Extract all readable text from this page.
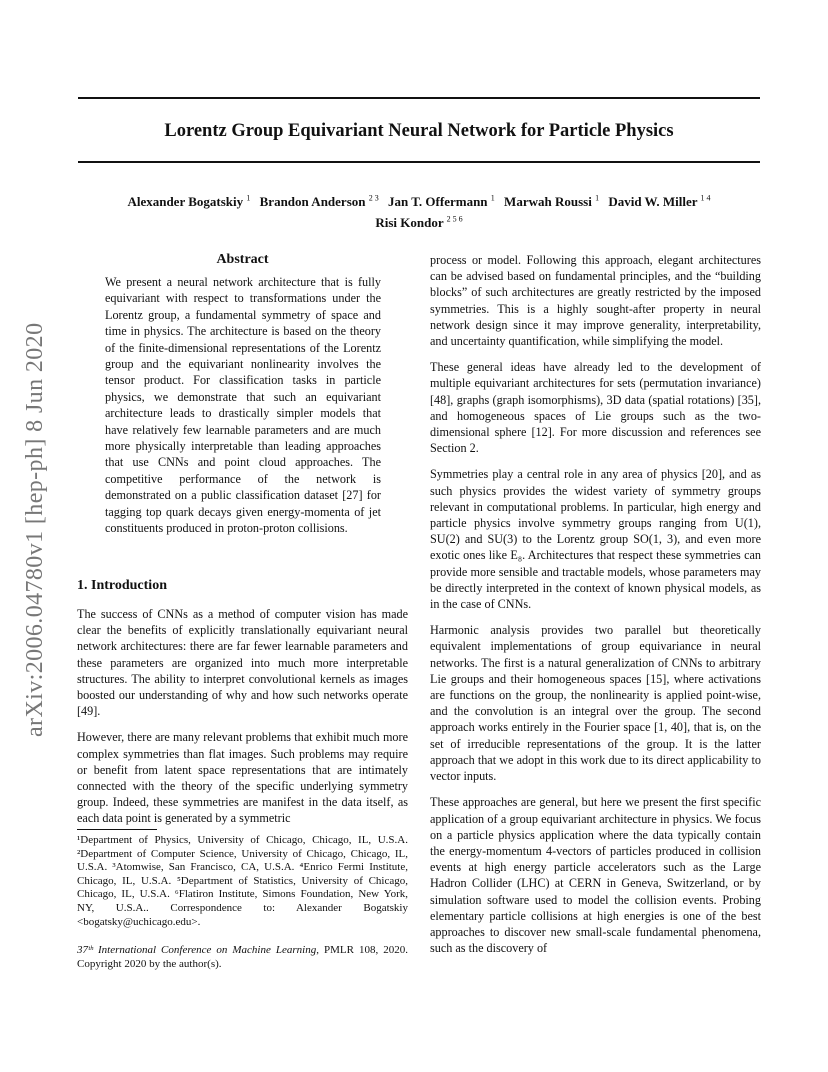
Lorentz Group Equivariant Neural Network for Particle Physics
Alexander Bogatskiy $^1$ Brandon Anderson $^{2 3}$ Jan T. Offermann $^1$ Marwah Roussi $^1$ David W. Miller $^{1 4}$
Risi Kondor $^{2 5 6}$
arXiv:2006.04780v1 [hep-ph] 8 Jun 2020
Abstract
We present a neural network architecture that is fully equivariant with respect to transformations under the Lorentz group, a fundamental symmetry of space and time in physics. The architecture is based on the theory of the finite-dimensional representations of the Lorentz group and the equivariant nonlinearity involves the tensor product. For classification tasks in particle physics, we demonstrate that such an equivariant architecture leads to drastically simpler models that have relatively few learnable parameters and are much more physically interpretable than leading approaches that use CNNs and point cloud approaches. The competitive performance of the network is demonstrated on a public classification dataset [27] for tagging top quark decays given energy-momenta of jet constituents produced in proton-proton collisions.
1. Introduction

The success of CNNs as a method of computer vision has made clear the benefits of explicitly translationally equivariant neural network architectures: there are far fewer learnable parameters and these parameters are organized into much more interpretable structures. The ability to interpret convolutional kernels as images boosted our understanding of why and how such networks operate [49].

However, there are many relevant problems that exhibit much more complex symmetries than flat images. Such problems may require or benefit from latent space representations that are intimately connected with the theory of the specific underlying symmetry group. Indeed, these symmetries are manifest in the data itself, as each data point is generated by a symmetric

¹Department of Physics, University of Chicago, Chicago, IL, U.S.A. ²Department of Computer Science, University of Chicago, Chicago, IL, U.S.A. ³Atomwise, San Francisco, CA, U.S.A. ⁴Enrico Fermi Institute, Chicago, IL, U.S.A. ⁵Department of Statistics, University of Chicago, Chicago, IL, U.S.A. ⁶Flatiron Institute, Simons Foundation, New York, NY, U.S.A.. Correspondence to: Alexander Bogatskiy <bogatsky@uchicago.edu>.
37ᵗʰ International Conference on Machine Learning, PMLR 108, 2020. Copyright 2020 by the author(s).

process or model. Following this approach, elegant architectures can be advised based on fundamental principles, and the “building blocks” of such architectures are greatly restricted by the imposed symmetries. This is a highly sought-after property in neural network design since it may improve generality, interpretability, and uncertainty quantification, while simplifying the model.

These general ideas have already led to the development of multiple equivariant architectures for sets (permutation invariance) [48], graphs (graph isomorphisms), 3D data (spatial rotations) [35], and homogeneous spaces of Lie groups such as the two-dimensional sphere [12]. For more discussion and references see Section 2.

Symmetries play a central role in any area of physics [20], and as such physics provides the widest variety of symmetry groups relevant in computational problems. In particular, high energy and particle physics involve symmetry groups ranging from U(1), SU(2) and SU(3) to the Lorentz group SO(1, 3), and even more exotic ones like E₈. Architectures that respect these symmetries can provide more sensible and tractable models, whose parameters may be directly interpreted in the context of known physical models, as in the case of CNNs.

Harmonic analysis provides two parallel but theoretically equivalent implementations of group equivariance in neural networks. The first is a natural generalization of CNNs to arbitrary Lie groups and their homogeneous spaces [15], where activations are functions on the group, the nonlinearity is applied point-wise, and the convolution is an integral over the group. The second approach works entirely in the Fourier space [1, 40], that is, on the set of irreducible representations of the group. It is the latter approach that we adopt in this work due to its direct applicability to vector inputs.

These approaches are general, but here we present the first specific application of a group equivariant architecture in physics. We focus on a particle physics application where the data typically contain the energy-momentum 4-vectors of particles produced in collision events at high energy particle accelerators such as the Large Hadron Collider (LHC) at CERN in Geneva, Switzerland, or by simulation software used to model the collision events. Probing elementary particle collisions at high energies is one of the best approaches to discover new small-scale fundamental phenomena, such as the discovery of
